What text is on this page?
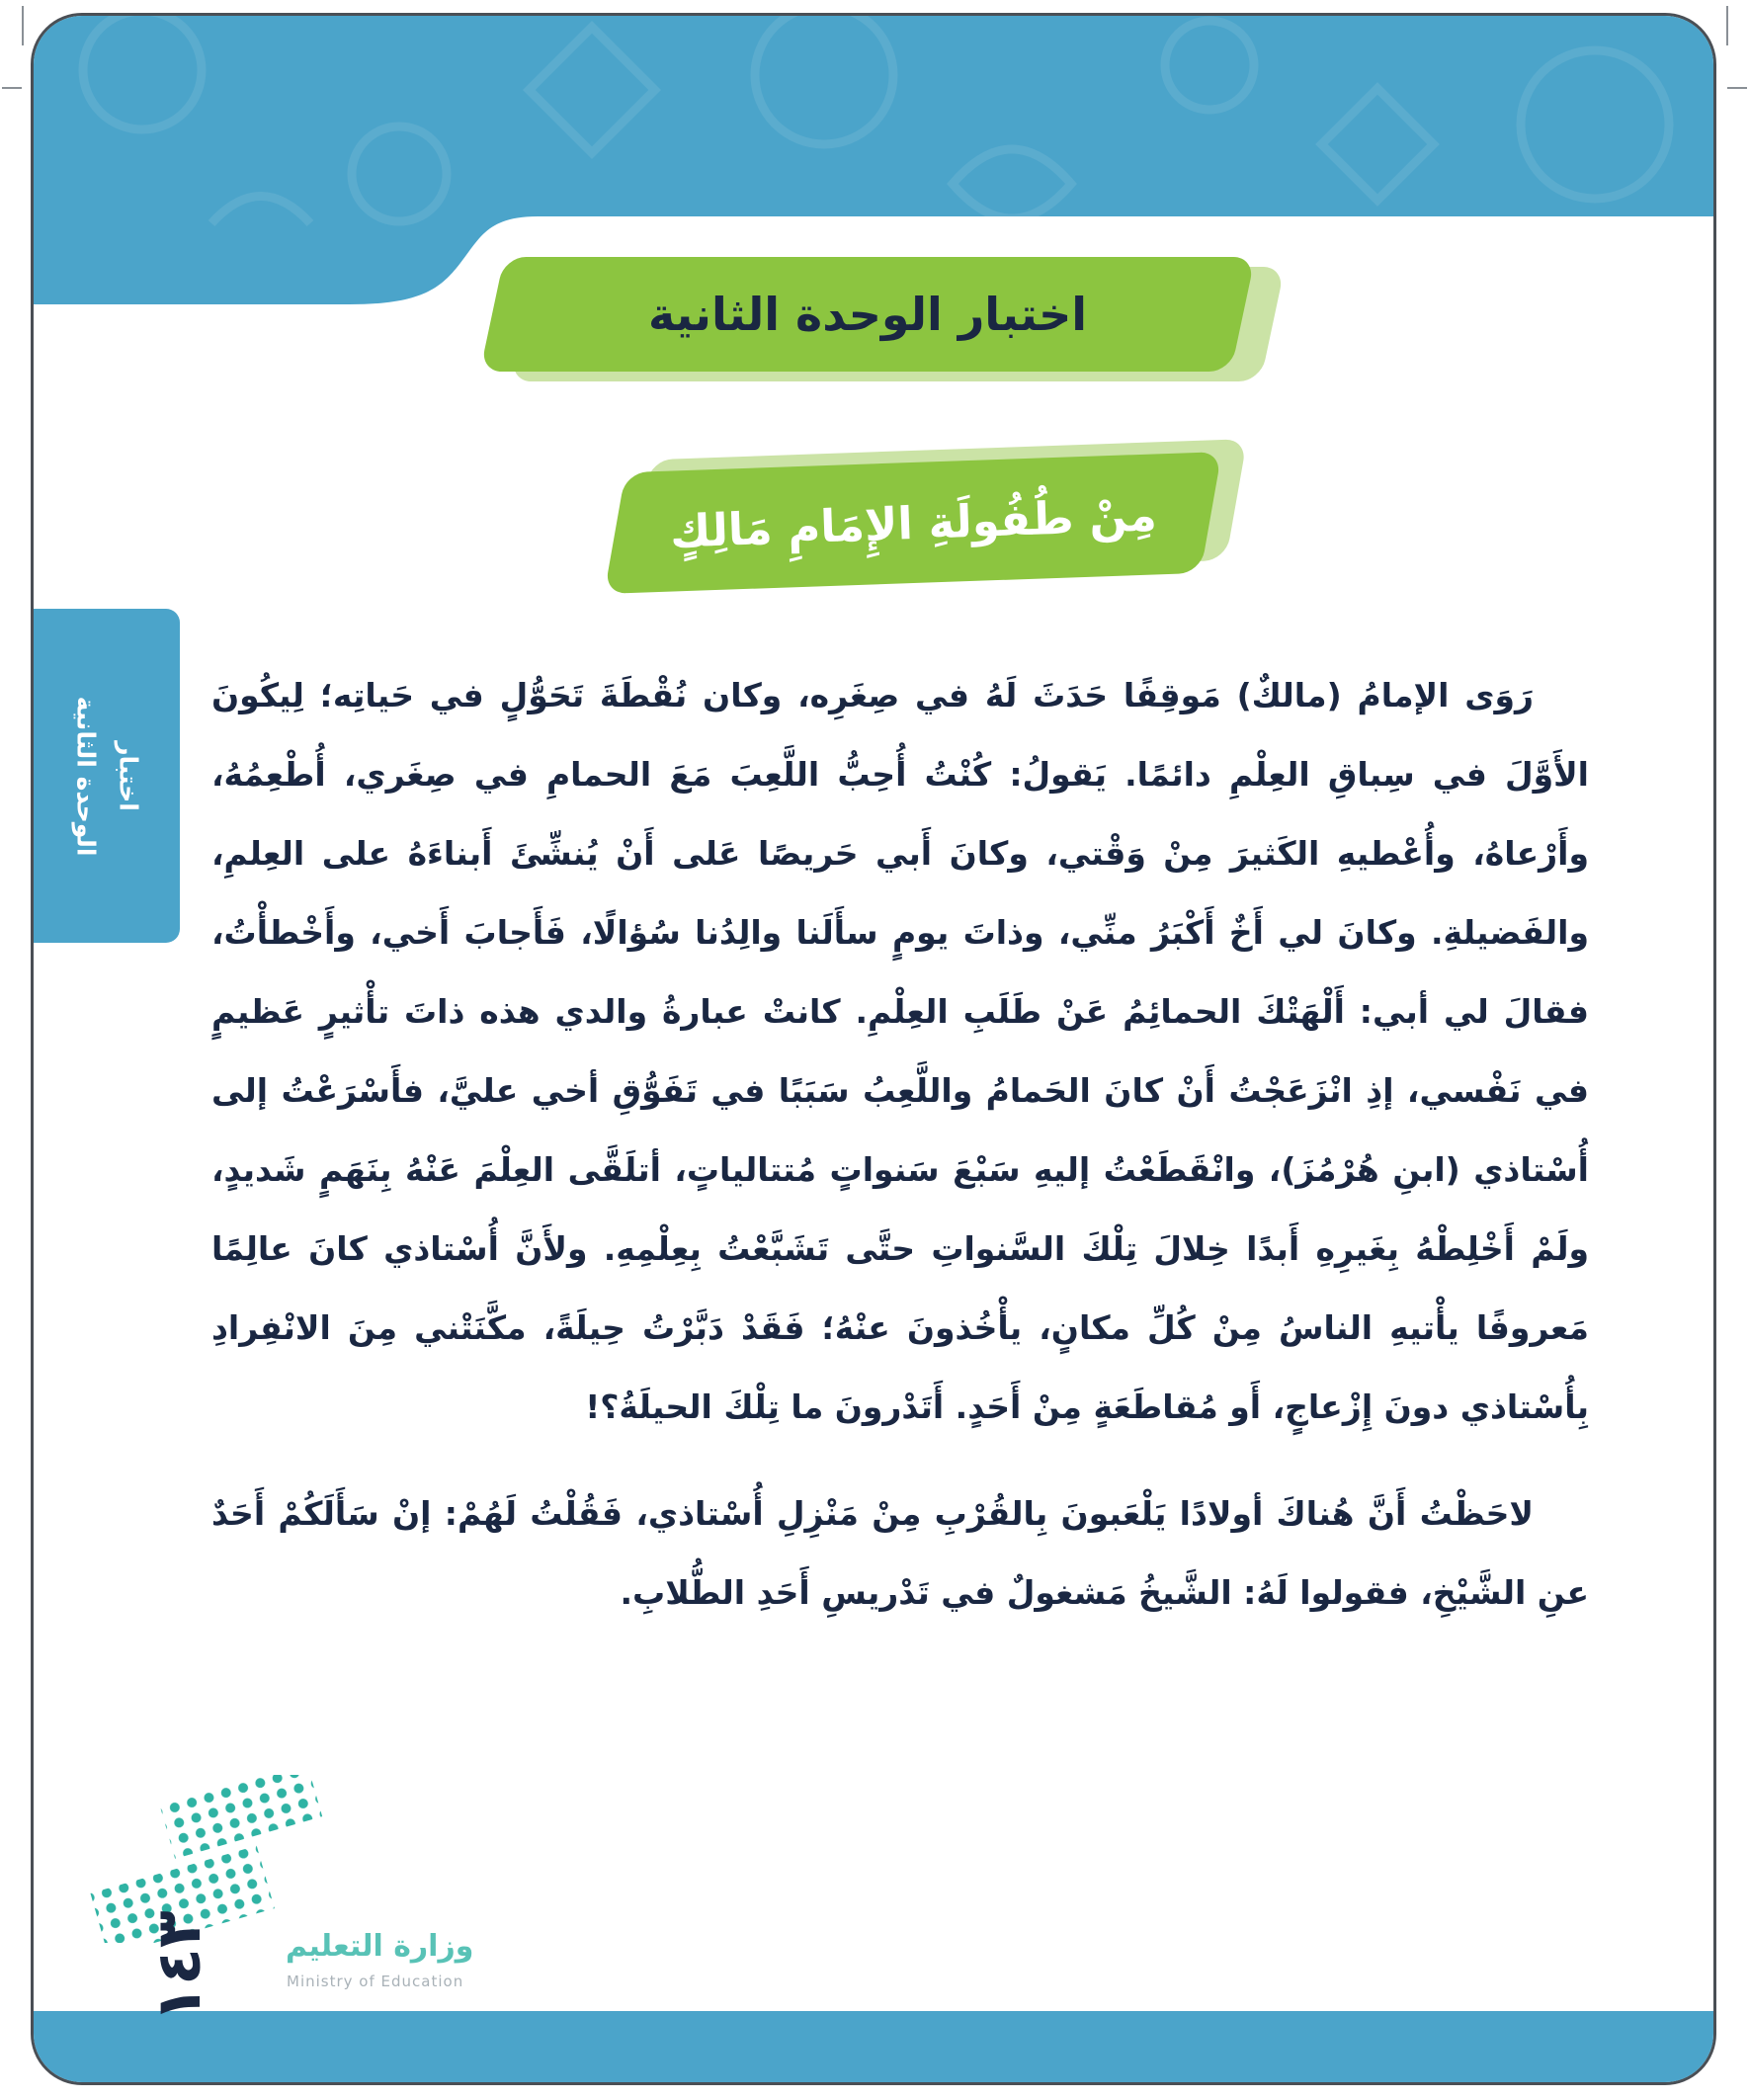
اختبار الوحدة الثانية
مِنْ طُفُولَةِ الإِمَامِ مَالِكٍ
اختبار
الوحدة الثانية

رَوَى الإمامُ (مالكٌ) مَوقِفًا حَدَثَ لَهُ في صِغَرِه، وكان نُقْطَةَ تَحَوُّلٍ في حَياتِه؛ لِيكُونَ الأَوَّلَ في سِباقِ العِلْمِ دائمًا. يَقولُ: كُنْتُ أُحِبُّ اللَّعِبَ مَعَ الحمامِ في صِغَري، أُطْعِمُهُ، وأَرْعاهُ، وأُعْطيهِ الكَثيرَ مِنْ وَقْتي، وكانَ أَبي حَريصًا عَلى أَنْ يُنشِّئَ أَبناءَهُ على العِلمِ، والفَضيلةِ. وكانَ لي أَخٌ أَكْبَرُ منِّي، وذاتَ يومٍ سأَلَنا والِدُنا سُؤالًا، فَأَجابَ أَخي، وأَخْطأْتُ، فقالَ لي أبي: أَلْهَتْكَ الحمائِمُ عَنْ طَلَبِ العِلْمِ. كانتْ عبارةُ والدي هذه ذاتَ تأْثيرٍ عَظيمٍ في نَفْسي، إذِ انْزَعَجْتُ أَنْ كانَ الحَمامُ واللَّعِبُ سَبَبًا في تَفَوُّقِ أخي عليَّ، فأَسْرَعْتُ إلى أُسْتاذي (ابنِ هُرْمُزَ)، وانْقَطَعْتُ إليهِ سَبْعَ سَنواتٍ مُتتالياتٍ، أتلَقَّى العِلْمَ عَنْهُ بِنَهَمٍ شَديدٍ، ولَمْ أَخْلِطْهُ بِغَيرِهِ أَبدًا خِلالَ تِلْكَ السَّنواتِ حتَّى تَشَبَّعْتُ بِعِلْمِهِ. ولأَنَّ أُسْتاذي كانَ عالِمًا مَعروفًا يأْتيهِ الناسُ مِنْ كُلِّ مكانٍ، يأْخُذونَ عنْهُ؛ فَقَدْ دَبَّرْتُ حِيلَةً، مكَّنَتْني مِنَ الانْفِرادِ بِأُسْتاذي دونَ إِزْعاجٍ، أَو مُقاطَعَةٍ مِنْ أَحَدٍ. أَتَدْرونَ ما تِلْكَ الحيلَةُ؟!

لاحَظْتُ أَنَّ هُناكَ أولادًا يَلْعَبونَ بِالقُرْبِ مِنْ مَنْزِلِ أُسْتاذي، فَقُلْتُ لَهُمْ: إنْ سَأَلَكُمْ أَحَدٌ عنِ الشَّيْخِ، فقولوا لَهُ: الشَّيخُ مَشغولٌ في تَدْريسِ أَحَدِ الطُّلابِ.

وزارة التعليم
Ministry of Education
١٤٣
